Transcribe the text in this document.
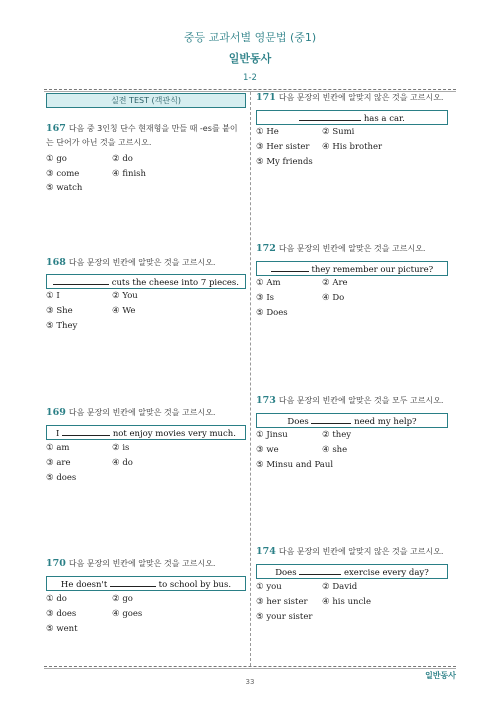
중등 교과서별 영문법 (중1)
일반동사
1-2
실전 TEST (객관식)
167 다음 중 3인칭 단수 현재형을 만들 때 -es를 붙이
는 단어가 아닌 것을 고르시오.
① go	② do
③ come	④ finish
⑤ watch
168 다음 문장의 빈칸에 알맞은 것을 고르시오.
cuts the cheese into 7 pieces.
① I	② You
③ She	④ We
⑤ They
169 다음 문장의 빈칸에 알맞은 것을 고르시오.
I	not enjoy movies very much.
① am	② is
③ are	④ do
⑤ does
170 다음 문장의 빈칸에 알맞은 것을 고르시오.
He doesn't	to school by bus.
① do	② go
③ does	④ goes
⑤ went
171 다음 문장의 빈칸에 알맞지 않은 것을 고르시오.
has a car.
① He	② Sumi
③ Her sister ④ His brother
⑤ My friends
172 다음 문장의 빈칸에 알맞은 것을 고르시오.
they remember our picture?
① Am	② Are
③ Is	④ Do
⑤ Does
173 다음 문장의 빈칸에 알맞은 것을 모두 고르시오.
Does	need my help?
① Jinsu	② they
③ we	④ she
⑤ Minsu and Paul
174 다음 문장의 빈칸에 알맞지 않은 것을 고르시오.
Does	exercise every day?
① you	② David
③ her sister ④ his uncle
⑤ your sister
일반동사
33
